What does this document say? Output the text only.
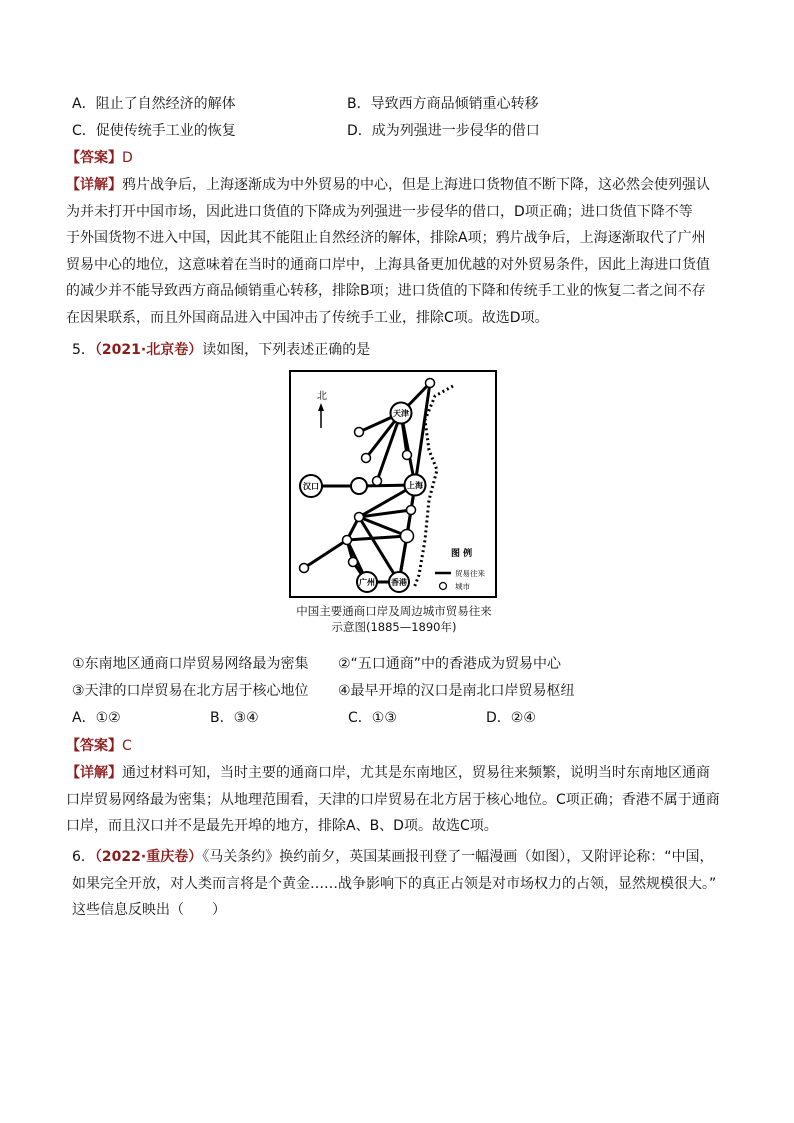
A．阻止了自然经济的解体	B．导致西方商品倾销重心转移
C．促使传统手工业的恢复	D．成为列强进一步侵华的借口
【答案】D
【详解】鸦片战争后，上海逐渐成为中外贸易的中心，但是上海进口货物值不断下降，这必然会使列强认
为并未打开中国市场，因此进口货值的下降成为列强进一步侵华的借口，D项正确；进口货值下降不等
于外国货物不进入中国，因此其不能阻止自然经济的解体，排除A项；鸦片战争后，上海逐渐取代了广州
贸易中心的地位，这意味着在当时的通商口岸中，上海具备更加优越的对外贸易条件，因此上海进口货值
的减少并不能导致西方商品倾销重心转移，排除B项；进口货值的下降和传统手工业的恢复二者之间不存
在因果联系，而且外国商品进入中国冲击了传统手工业，排除C项。故选D项。
5．（2021·北京卷）读如图，下列表述正确的是
北
天津
汉口	上海
广州 香港
图 例
贸易往来
城市
中国主要通商口岸及周边城市贸易往来
示意图(1885—1890年)
①东南地区通商口岸贸易网络最为密集 ②“五口通商”中的香港成为贸易中心
③天津的口岸贸易在北方居于核心地位 ④最早开埠的汉口是南北口岸贸易枢纽
A．①②	B．③④	C．①③	D．②④
【答案】C
【详解】通过材料可知，当时主要的通商口岸，尤其是东南地区，贸易往来频繁，说明当时东南地区通商
口岸贸易网络最为密集；从地理范围看，天津的口岸贸易在北方居于核心地位。C项正确；香港不属于通商
口岸，而且汉口并不是最先开埠的地方，排除A、B、D项。故选C项。
6．（2022·重庆卷）《马关条约》换约前夕，英国某画报刊登了一幅漫画（如图），又附评论称：“中国，
如果完全开放，对人类而言将是个黄金……战争影响下的真正占领是对市场权力的占领，显然规模很大。”
这些信息反映出（　　）
